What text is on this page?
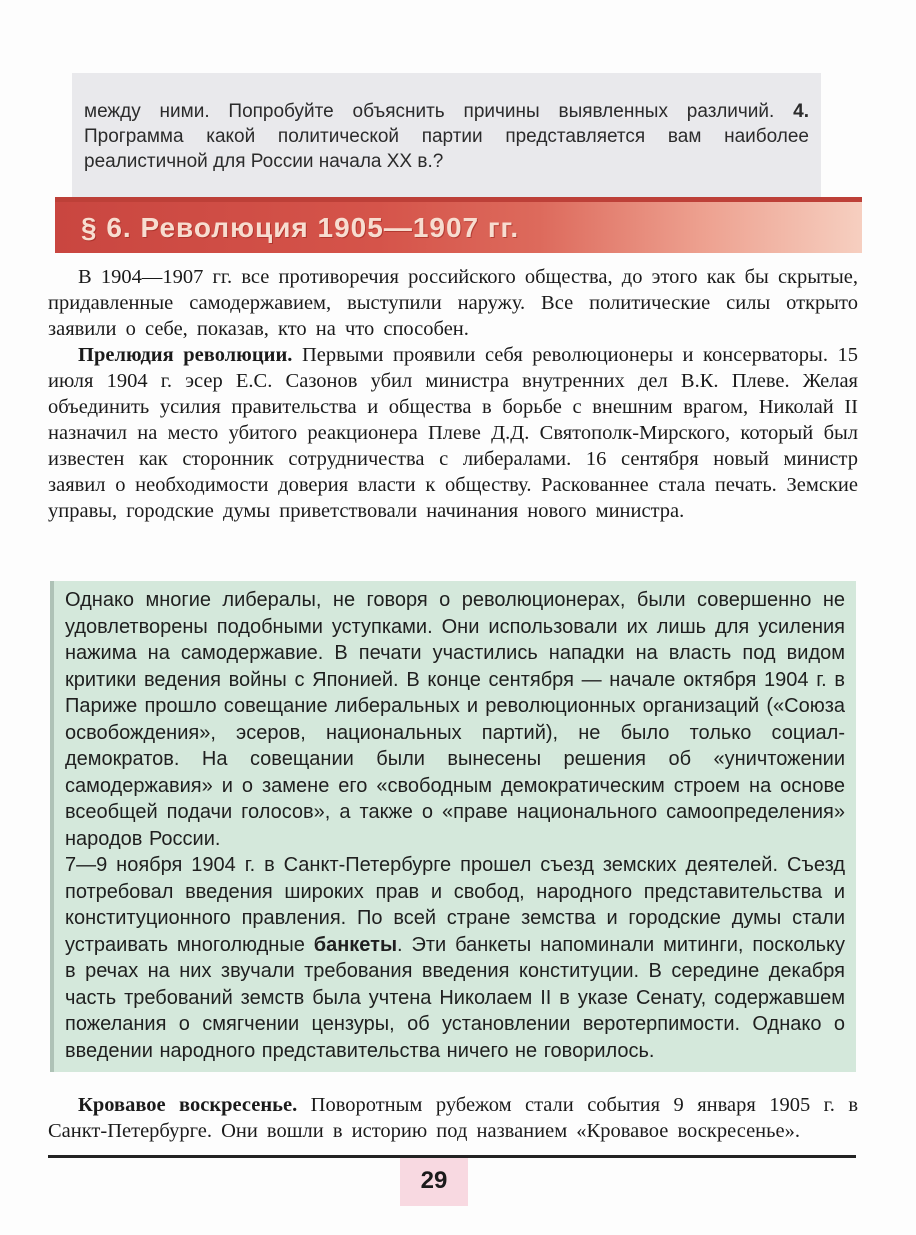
между ними. Попробуйте объяснить причины выявленных различий. 4. Программа какой политической партии представляется вам наиболее реалистичной для России начала XX в.?

§ 6. Революция 1905—1907 гг.

В 1904—1907 гг. все противоречия российского общества, до этого как бы скрытые, придавленные самодержавием, выступили наружу. Все политические силы открыто заявили о себе, показав, кто на что способен.

Прелюдия революции. Первыми проявили себя революционеры и консерваторы. 15 июля 1904 г. эсер Е.С. Сазонов убил министра внутренних дел В.К. Плеве. Желая объединить усилия правительства и общества в борьбе с внешним врагом, Николай II назначил на место убитого реакционера Плеве Д.Д. Святополк-Мирского, который был известен как сторонник сотрудничества с либералами. 16 сентября новый министр заявил о необходимости доверия власти к обществу. Раскованнее стала печать. Земские управы, городские думы приветствовали начинания нового министра.

Однако многие либералы, не говоря о революционерах, были совершенно не удовлетворены подобными уступками. Они использовали их лишь для усиления нажима на самодержавие. В печати участились нападки на власть под видом критики ведения войны с Японией. В конце сентября — начале октября 1904 г. в Париже прошло совещание либеральных и революционных организаций («Союза освобождения», эсеров, национальных партий), не было только социал-демократов. На совещании были вынесены решения об «уничтожении самодержавия» и о замене его «свободным демократическим строем на основе всеобщей подачи голосов», а также о «праве национального самоопределения» народов России.

7—9 ноября 1904 г. в Санкт-Петербурге прошел съезд земских деятелей. Съезд потребовал введения широких прав и свобод, народного представительства и конституционного правления. По всей стране земства и городские думы стали устраивать многолюдные банкеты. Эти банкеты напоминали митинги, поскольку в речах на них звучали требования введения конституции. В середине декабря часть требований земств была учтена Николаем II в указе Сенату, содержавшем пожелания о смягчении цензуры, об установлении веротерпимости. Однако о введении народного представительства ничего не говорилось.

Кровавое воскресенье. Поворотным рубежом стали события 9 января 1905 г. в Санкт-Петербурге. Они вошли в историю под названием «Кровавое воскресенье».

29
